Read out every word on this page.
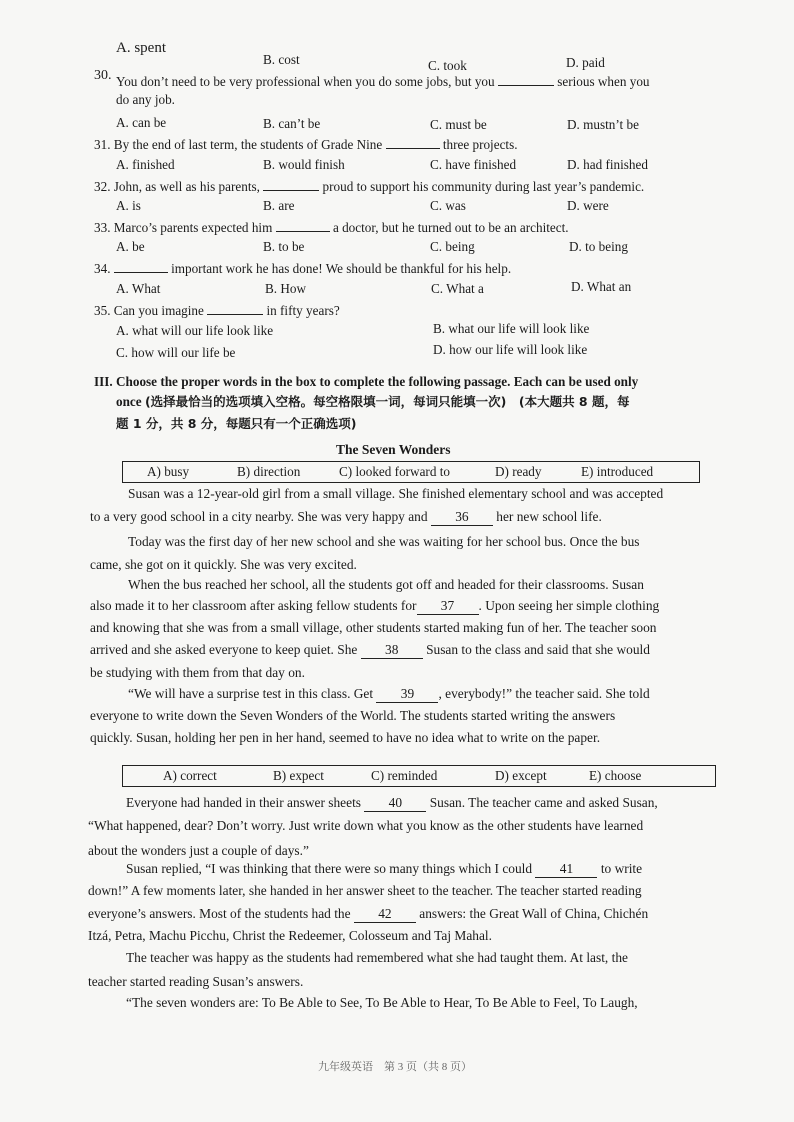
A. spent
B. cost	C. took	D. paid
30. You don’t need to be very professional when you do some jobs, but you	serious when you
do any job.
A. can be	B. can’t be	C. must be	D. mustn’t be
31. By the end of last term, the students of Grade Nine	three projects.
A. finished	B. would finish	C. have finished	D. had finished
32. John, as well as his parents,	proud to support his community during last year’s pandemic.
A. is	B. are	C. was	D. were
33. Marco’s parents expected him	a doctor, but he turned out to be an architect.
A. be	B. to be	C. being	D. to being
34.	important work he has done! We should be thankful for his help.
A. What	B. How	C. What a	D. What an
35. Can you imagine	in fifty years?
A. what will our life look like	B. what our life will look like
C. how will our life be	D. how our life will look like
III. Choose the proper words in the box to complete the following passage. Each can be used only
once (选择最恰当的选项填入空格。每空格限填一词，每词只能填一次)　(本大题共 8 题，每
题 1 分，共 8 分，每题只有一个正确选项)
The Seven Wonders
A) busy	B) direction	C) looked forward to	D) ready	E) introduced
Susan was a 12-year-old girl from a small village. She finished elementary school and was accepted
to a very good school in a city nearby. She was very happy and 36 her new school life.
Today was the first day of her new school and she was waiting for her school bus. Once the bus
came, she got on it quickly. She was very excited.
When the bus reached her school, all the students got off and headed for their classrooms. Susan
also made it to her classroom after asking fellow students for 37 . Upon seeing her simple clothing
and knowing that she was from a small village, other students started making fun of her. The teacher soon
arrived and she asked everyone to keep quiet. She 38 Susan to the class and said that she would
be studying with them from that day on.
“We will have a surprise test in this class. Get 39 , everybody!” the teacher said. She told
everyone to write down the Seven Wonders of the World. The students started writing the answers
quickly. Susan, holding her pen in her hand, seemed to have no idea what to write on the paper.
A) correct	B) expect	C) reminded	D) except	E) choose
Everyone had handed in their answer sheets 40 Susan. The teacher came and asked Susan,
“What happened, dear? Don’t worry. Just write down what you know as the other students have learned
about the wonders just a couple of days.”
Susan replied, “I was thinking that there were so many things which I could 41 to write
down!” A few moments later, she handed in her answer sheet to the teacher. The teacher started reading
everyone’s answers. Most of the students had the 42 answers: the Great Wall of China, Chichén
Itzá, Petra, Machu Picchu, Christ the Redeemer, Colosseum and Taj Mahal.
The teacher was happy as the students had remembered what she had taught them. At last, the
teacher started reading Susan’s answers.
“The seven wonders are: To Be Able to See, To Be Able to Hear, To Be Able to Feel, To Laugh,
九年级英语　第 3 页（共 8 页）
